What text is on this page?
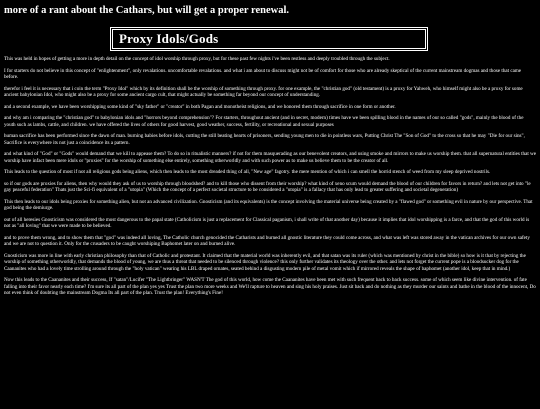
more of a rant about the Cathars, but will get a proper renewal.
Proxy Idols/Gods

This was held in hopes of getting a more in depth detail on the concept of idol worship through proxy, but for these past few nights i've been restless and deeply troubled through the subject.

I for starters do not believe in this concept of "enlightenment", only revalations. uncomfortable revalations. and what i am about to discuss might not be of comfort for those who are already skeptical of the current mainstream dogmas and those that came before.

therefor i feel it is necessary that i coin the term "Proxy Idol" which by its definition shall be the worship of something through proxy. for one example, the "christian god" (old testament) is a proxy for Yahweh, who himself might also be a proxy for some ancient babylonian Idol, who might also be a proxy for some ancient cargo cult, that might actually be something far beyond our concept of understanding.

and a second example, we have been worshipping some kind of "sky father" or "creator" in both Pagan and monotheist religions, and we honored them through sacrifice in one form or another.

and why am i comparing the "christian god" to babylonian idols and "horrors beyond comprehension"? For starters, throughout ancient (and in secret, modern) times have we been spilling blood in the names of our so called "gods", mainly the blood of the youth such as lambs, cattle, and children. we have offered the lives of others for good harvest, good weather, success, fertility, or recreational and sexual purposes

human sacrifice has been performed since the dawn of man. burning babies before idols, cutting the still beating hearts of prisoners, sending young men to die in pointless wars, Putting Christ The "Son of God" to the cross so that he may "Die for our sins", Sacrifice is everywhere its not just a coincidence its a pattern.

and what kind of "God" or "Gods" would demand that we kill to appease them? To do so in ritualistic manners? if not for them masquerading as our benevolent creators, and using smoke and mirrors to make us worship them. that all supernatural entities that we worship have infact been mere idols or "proxies" for the worship of something else entirely, something otherworldly and with such power as to make us believe them to be the creator of all.

This leads to the question of most if not all religious gods being aliens, which then leads to the most dreaded thing of all, "New age" fagotry. the mere mention of which i can smell the horrid stench of weed from my sleep deprived nostrils.

so if our gods are proxies for aliens, then why would they ask of us to worship through bloodshed? and to kill those who dissent from their worship? what kind of xeno scum would demand the blood of our children for favors in return? and lets not get into "le gay peaceful federation" Thats just the Sci-fi equivalent of a "utopia" (Which the concept of a perfect societal structure to be considered a "utopia" is a fallacy that has only lead to greater suffering and societal degeneration)

This then leads to our idols being proxies for something alien, but not an advanced civilization. Gnosticism (and its equivalents) is the concept involving the material universe being created by a "flawed god" or something evil in nature by our perspective. That god being the demiurge.

out of all heresies Gnosticism was considered the most dangerous to the papal state (Catholicism is just a replacement for Classical paganism, i shall write of that another day) because it implies that idol worshipping is a farce, and that the god of this world is not as "all loving" that we were made to be believed.

and to prove them wrong, and to show them that "god" was indeed all loving, The Catholic church genocided the Catharists and burned all gnostic literature they could come across, and what was left was stored away in the vatican archives for our own safety and we are not to question it. Only for the crusaders to be caught worshiping Baphomet later on and burned alive.

Gnosticism was more in line with early christian philosophy than that of Catholic and protestant. It claimed that the material world was inherently evil, and that satan was its ruler (which was mentioned by christ in the bible) so how is it that by rejecting the worship of something otherworldly, that demands the blood of young, we are thus a threat that needed to be silenced through violence? this only further validates its theology over the other. and lets not forget the current pope is a bloodsucker dog for the Caananites who had a lovely time strolling around through the "holy vatican" wearing his LBL draped ornates, seated behind a disgusting modern pile of metal vomit which if mirrored reveals the shape of baphomet (another idol, keep that in mind.)

Now this leads to the Caananites and their success, If "satan"/Lucifer "The Lightbringer" WASN'T The god of this world, how come the Caananites have been met with such frequent back to back success. some of which seem like divine intervention. of fate falling into their favor nearly each time? I'm sure its all part of the plan yes yes Trust the plan two more weeks and We'll rapture to heaven and sing his holy praises. Just sit back and do nothing as they murder our saints and bathe in the blood of the innocent, Do not even think of doubting the mainstream Dogma Its all part of the plan. Trust the plan! Everything's Fine!
